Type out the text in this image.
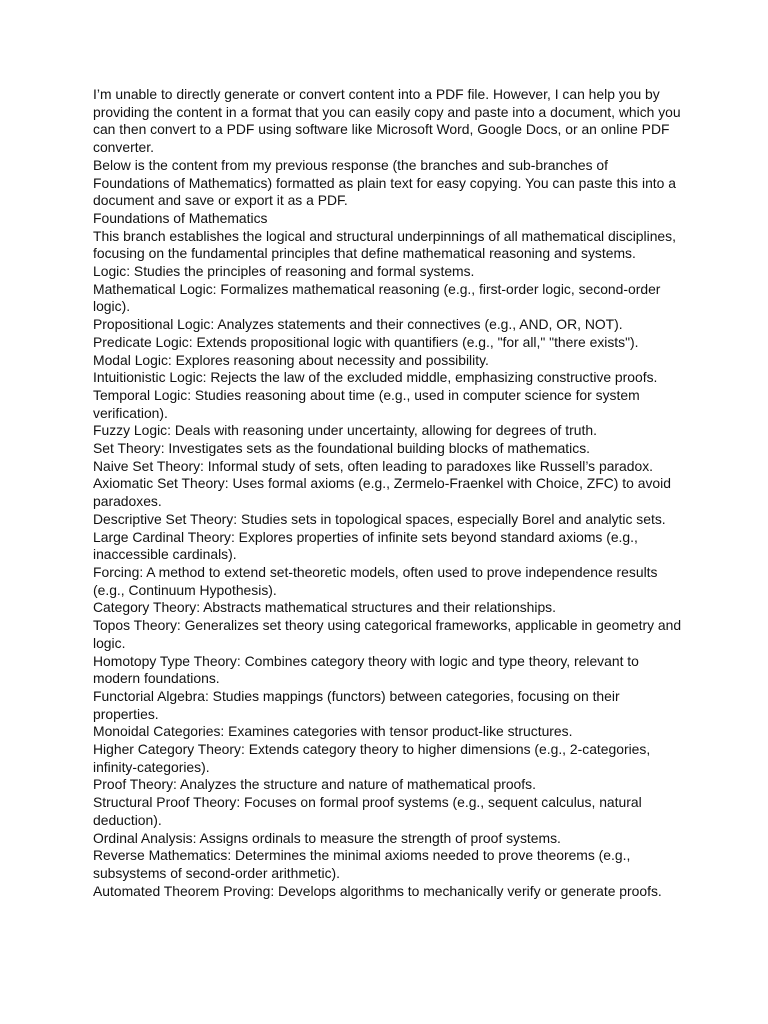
I’m unable to directly generate or convert content into a PDF file. However, I can help you by providing the content in a format that you can easily copy and paste into a document, which you can then convert to a PDF using software like Microsoft Word, Google Docs, or an online PDF converter.

Below is the content from my previous response (the branches and sub-branches of Foundations of Mathematics) formatted as plain text for easy copying. You can paste this into a document and save or export it as a PDF.

Foundations of Mathematics

This branch establishes the logical and structural underpinnings of all mathematical disciplines, focusing on the fundamental principles that define mathematical reasoning and systems.

Logic: Studies the principles of reasoning and formal systems.

Mathematical Logic: Formalizes mathematical reasoning (e.g., first-order logic, second-order logic).

Propositional Logic: Analyzes statements and their connectives (e.g., AND, OR, NOT).

Predicate Logic: Extends propositional logic with quantifiers (e.g., "for all," "there exists").

Modal Logic: Explores reasoning about necessity and possibility.

Intuitionistic Logic: Rejects the law of the excluded middle, emphasizing constructive proofs.

Temporal Logic: Studies reasoning about time (e.g., used in computer science for system verification).

Fuzzy Logic: Deals with reasoning under uncertainty, allowing for degrees of truth.

Set Theory: Investigates sets as the foundational building blocks of mathematics.

Naive Set Theory: Informal study of sets, often leading to paradoxes like Russell’s paradox.

Axiomatic Set Theory: Uses formal axioms (e.g., Zermelo-Fraenkel with Choice, ZFC) to avoid paradoxes.

Descriptive Set Theory: Studies sets in topological spaces, especially Borel and analytic sets.

Large Cardinal Theory: Explores properties of infinite sets beyond standard axioms (e.g., inaccessible cardinals).

Forcing: A method to extend set-theoretic models, often used to prove independence results (e.g., Continuum Hypothesis).

Category Theory: Abstracts mathematical structures and their relationships.

Topos Theory: Generalizes set theory using categorical frameworks, applicable in geometry and logic.

Homotopy Type Theory: Combines category theory with logic and type theory, relevant to modern foundations.

Functorial Algebra: Studies mappings (functors) between categories, focusing on their properties.

Monoidal Categories: Examines categories with tensor product-like structures.

Higher Category Theory: Extends category theory to higher dimensions (e.g., 2-categories, infinity-categories).

Proof Theory: Analyzes the structure and nature of mathematical proofs.

Structural Proof Theory: Focuses on formal proof systems (e.g., sequent calculus, natural deduction).

Ordinal Analysis: Assigns ordinals to measure the strength of proof systems.

Reverse Mathematics: Determines the minimal axioms needed to prove theorems (e.g., subsystems of second-order arithmetic).

Automated Theorem Proving: Develops algorithms to mechanically verify or generate proofs.
